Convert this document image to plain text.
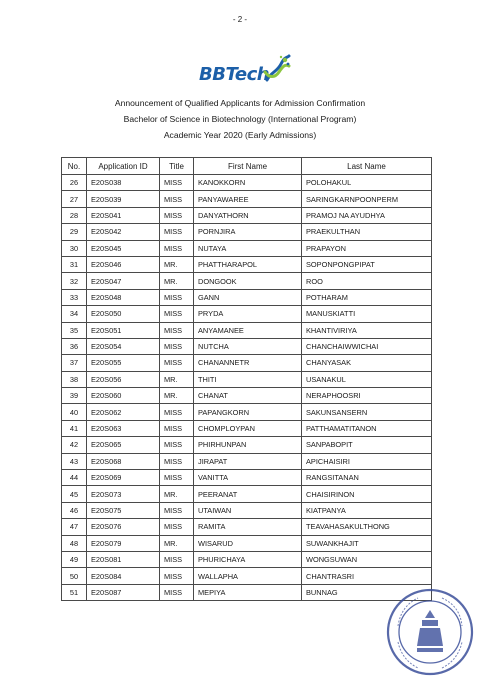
- 2 -
BBTech
Announcement of Qualified Applicants for Admission Confirmation
Bachelor of Science in Biotechnology (International Program)
Academic Year 2020 (Early Admissions)
No.	Application ID	Title	First Name	Last Name
26	E20S038	MISS	KANOKKORN	POLOHAKUL
27	E20S039	MISS	PANYAWAREE	SARINGKARNPOONPERM
28	E20S041	MISS	DANYATHORN	PRAMOJ NA AYUDHYA
29	E20S042	MISS	PORNJIRA	PRAEKULTHAN
30	E20S045	MISS	NUTAYA	PRAPAYON
31	E20S046	MR.	PHATTHARAPOL	SOPONPONGPIPAT
32	E20S047	MR.	DONGOOK	ROO
33	E20S048	MISS	GANN	POTHARAM
34	E20S050	MISS	PRYDA	MANUSKIATTI
35	E20S051	MISS	ANYAMANEE	KHANTIVIRIYA
36	E20S054	MISS	NUTCHA	CHANCHAIWWICHAI
37	E20S055	MISS	CHANANNETR	CHANYASAK
38	E20S056	MR.	THITI	USANAKUL
39	E20S060	MR.	CHANAT	NERAPHOOSRI
40	E20S062	MISS	PAPANGKORN	SAKUNSANSERN
41	E20S063	MISS	CHOMPLOYPAN	PATTHAMATITANON
42	E20S065	MISS	PHIRHUNPAN	SANPABOPIT
43	E20S068	MISS	JIRAPAT	APICHAISIRI
44	E20S069	MISS	VANITTA	RANGSITANAN
45	E20S073	MR.	PEERANAT	CHAISIRINON
46	E20S075	MISS	UTAIWAN	KIATPANYA
47	E20S076	MISS	RAMITA	TEAVAHASAKULTHONG
48	E20S079	MR.	WISARUD	SUWANKHAJIT
49	E20S081	MISS	PHURICHAYA	WONGSUWAN
50	E20S084	MISS	WALLAPHA	CHANTRASRI
51	E20S087	MISS	MEPIYA	BUNNAG
